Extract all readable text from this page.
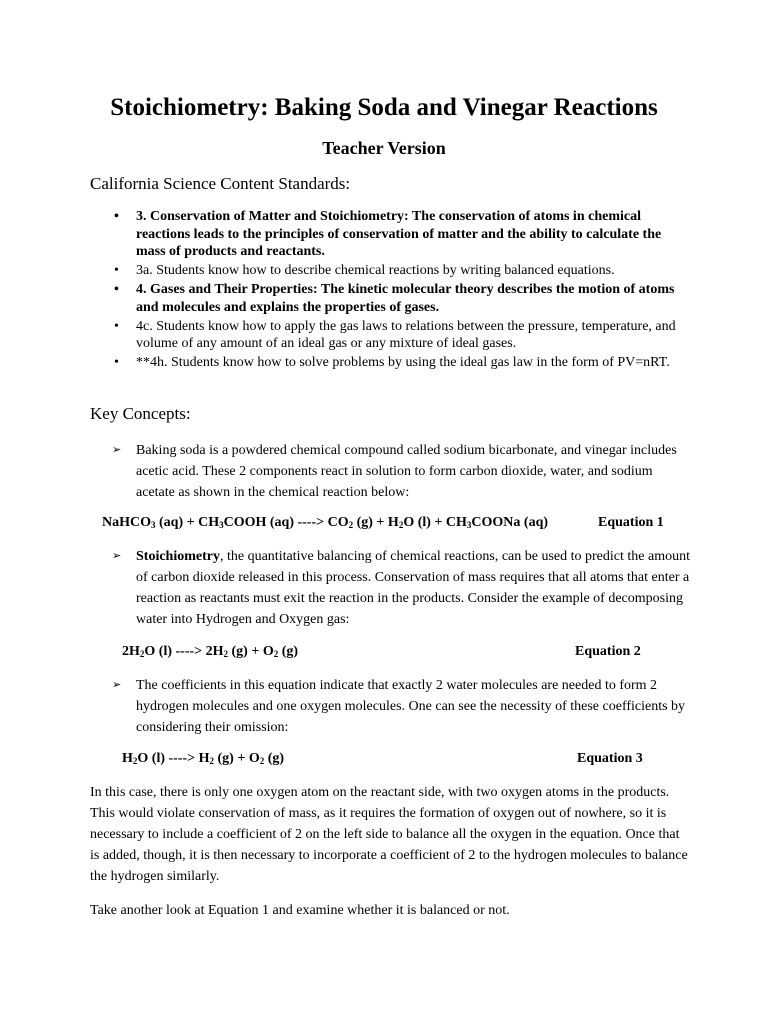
Stoichiometry: Baking Soda and Vinegar Reactions
Teacher Version

California Science Content Standards:

• 3. Conservation of Matter and Stoichiometry: The conservation of atoms in chemical reactions leads to the principles of conservation of matter and the ability to calculate the mass of products and reactants.
• 3a. Students know how to describe chemical reactions by writing balanced equations.
• 4. Gases and Their Properties: The kinetic molecular theory describes the motion of atoms and molecules and explains the properties of gases.
• 4c. Students know how to apply the gas laws to relations between the pressure, temperature, and volume of any amount of an ideal gas or any mixture of ideal gases.
• **4h. Students know how to solve problems by using the ideal gas law in the form of PV=nRT.

Key Concepts:

➢	Baking soda is a powdered chemical compound called sodium bicarbonate, and vinegar includes acetic acid. These 2 components react in solution to form carbon dioxide, water, and sodium acetate as shown in the chemical reaction below:
NaHCO$_3$ $(aq) + CH_3COOH$ (aq) ----> $CO_2$ $(g) + H_2O$ $(l) + CH_3COONa$ (aq)	Equation 1
➢	Stoichiometry, the quantitative balancing of chemical reactions, can be used to predict the amount of carbon dioxide released in this process. Conservation of mass requires that all atoms that enter a reaction as reactants must exit the reaction in the products. Consider the example of decomposing water into Hydrogen and Oxygen gas:
$2H_2O$ (l) ----> $2H_2$ $(g) + O_2$ (g)	Equation 2
➢	The coefficients in this equation indicate that exactly 2 water molecules are needed to form 2 hydrogen molecules and one oxygen molecules. One can see the necessity of these coefficients by considering their omission:
$H_2O$ (l) ----> $H_2$ $(g) + O_2$ (g)	Equation 3

In this case, there is only one oxygen atom on the reactant side, with two oxygen atoms in the products. This would violate conservation of mass, as it requires the formation of oxygen out of nowhere, so it is necessary to include a coefficient of 2 on the left side to balance all the oxygen in the equation. Once that is added, though, it is then necessary to incorporate a coefficient of 2 to the hydrogen molecules to balance the hydrogen similarly.

Take another look at Equation 1 and examine whether it is balanced or not.
